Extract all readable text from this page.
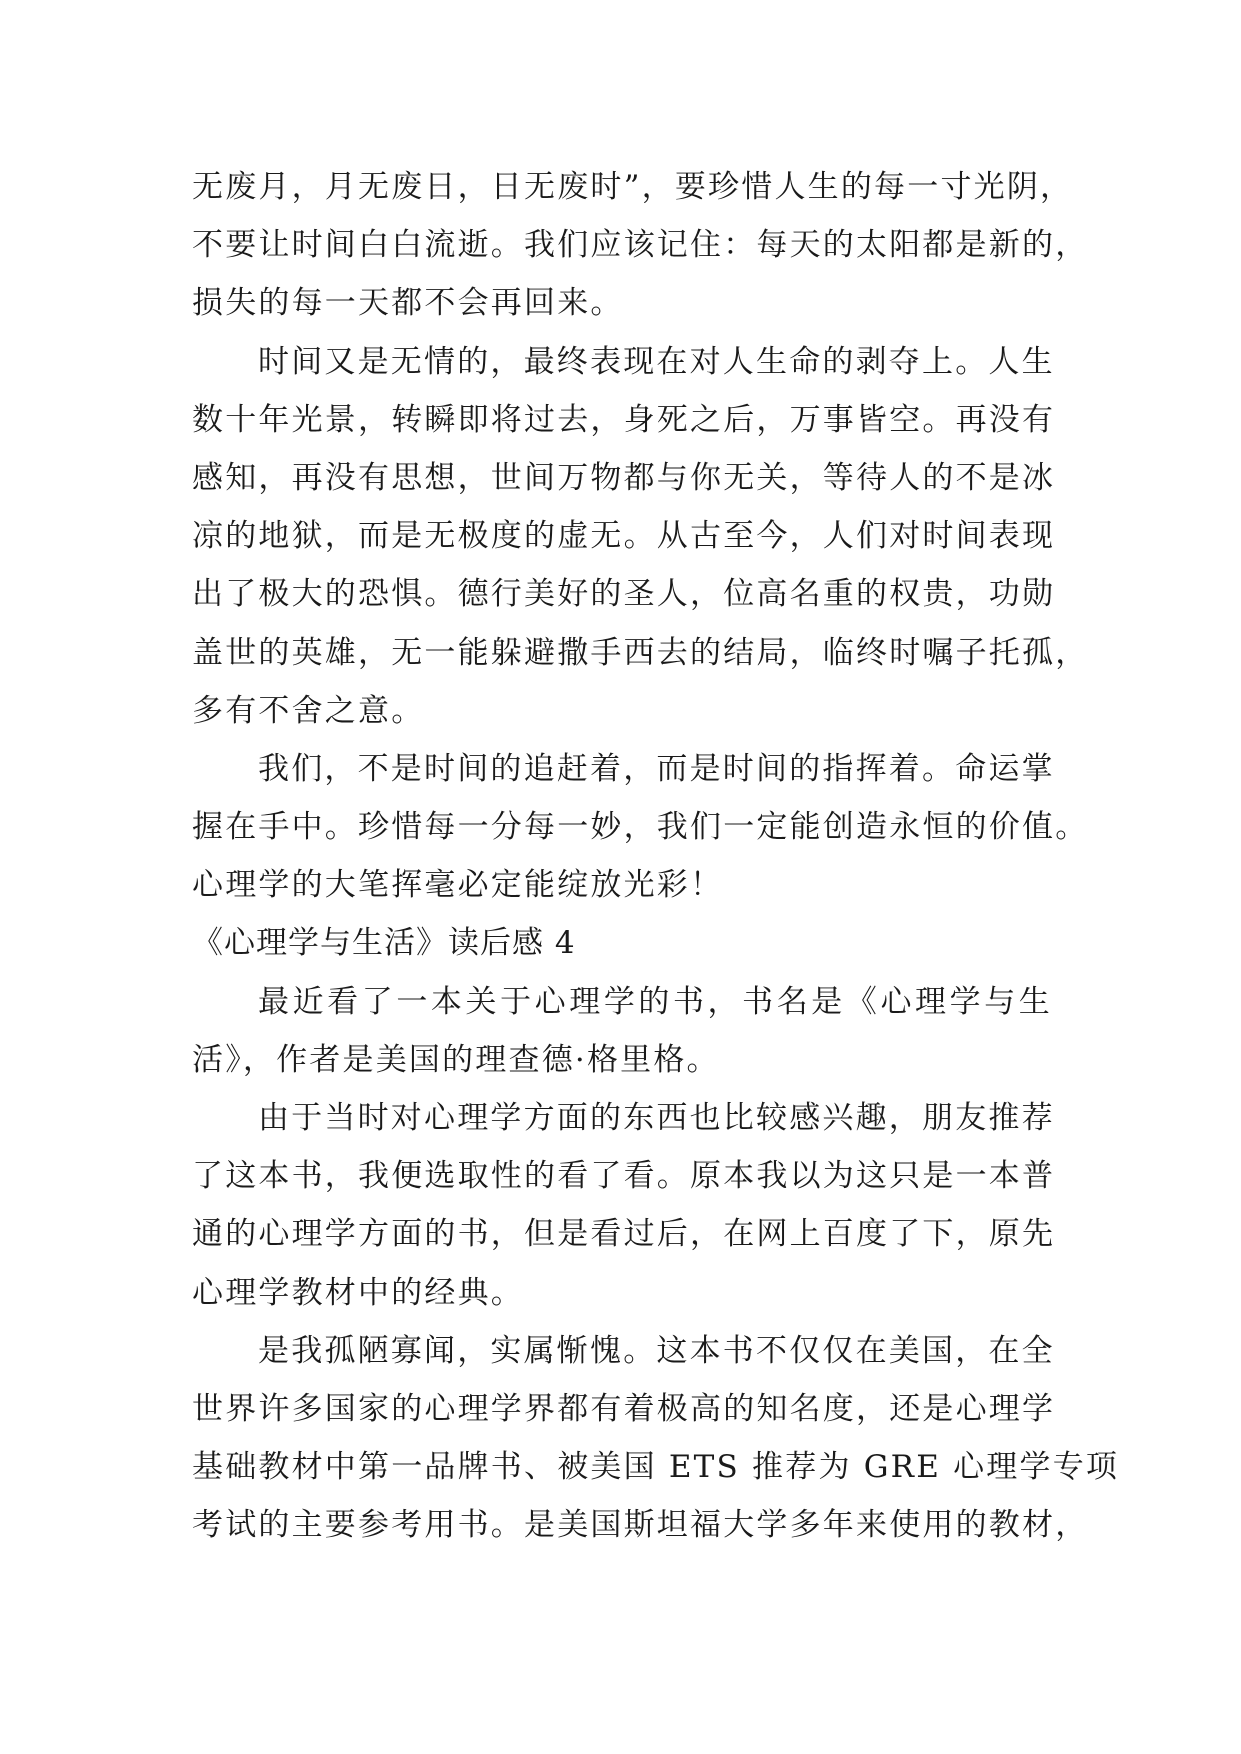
无废月，月无废日，日无废时”，要珍惜人生的每一寸光阴，
不要让时间白白流逝。我们应该记住：每天的太阳都是新的，
损失的每一天都不会再回来。
时间又是无情的，最终表现在对人生命的剥夺上。人生
数十年光景，转瞬即将过去，身死之后，万事皆空。再没有
感知，再没有思想，世间万物都与你无关，等待人的不是冰
凉的地狱，而是无极度的虚无。从古至今，人们对时间表现
出了极大的恐惧。德行美好的圣人，位高名重的权贵，功勋
盖世的英雄，无一能躲避撒手西去的结局，临终时嘱子托孤，
多有不舍之意。
我们，不是时间的追赶着，而是时间的指挥着。命运掌
握在手中。珍惜每一分每一妙，我们一定能创造永恒的价值。
心理学的大笔挥毫必定能绽放光彩！
《心理学与生活》读后感 4
最近看了一本关于心理学的书，书名是《心理学与生
活》，作者是美国的理查德·格里格。
由于当时对心理学方面的东西也比较感兴趣，朋友推荐
了这本书，我便选取性的看了看。原本我以为这只是一本普
通的心理学方面的书，但是看过后，在网上百度了下，原先
心理学教材中的经典。
是我孤陋寡闻，实属惭愧。这本书不仅仅在美国，在全
世界许多国家的心理学界都有着极高的知名度，还是心理学
基础教材中第一品牌书、被美国 ETS 推荐为 GRE 心理学专项
考试的主要参考用书。是美国斯坦福大学多年来使用的教材，
